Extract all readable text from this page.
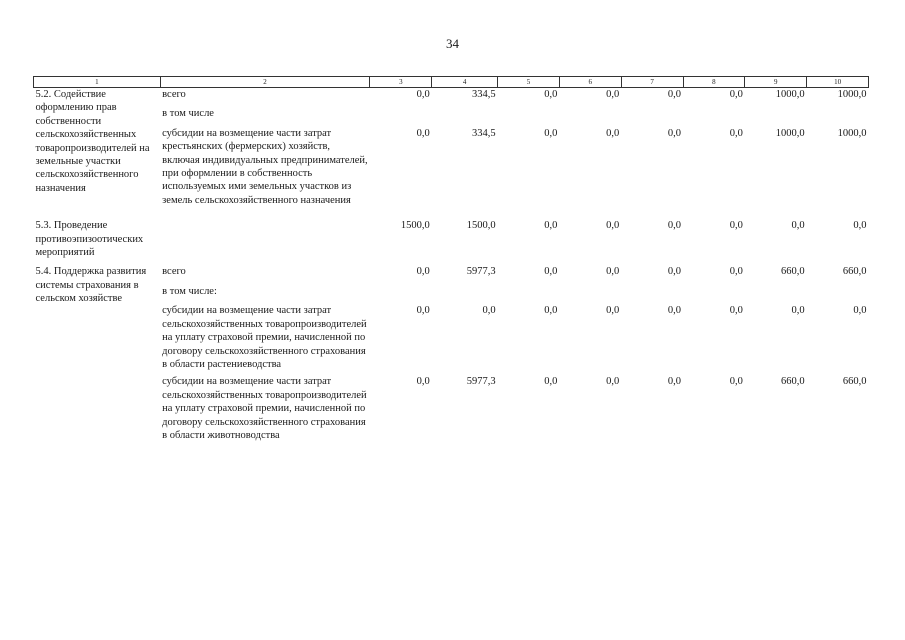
34
1	2	3	4	5	6	7	8	9	10
5.2. Содействие оформлению прав собственности сельскохозяйственных товаропроизводителей на земельные участки сельскохозяйственного назначения	всего	0,0	334,5	0,0	0,0	0,0	0,0	1000,0	1000,0
	в том числе								
	субсидии на возмещение части затрат крестьянских (фермерских) хозяйств, включая индивидуальных предпринимателей, при оформлении в собственность используемых ими земельных участков из земель сельскохозяйственного назначения	0,0	334,5	0,0	0,0	0,0	0,0	1000,0	1000,0

5.3. Проведение противоэпизоотических мероприятий		1500,0	1500,0	0,0	0,0	0,0	0,0	0,0	0,0

5.4. Поддержка развития системы страхования в сельском хозяйстве	всего	0,0	5977,3	0,0	0,0	0,0	0,0	660,0	660,0
	в том числе:								
	субсидии на возмещение части затрат сельскохозяйственных товаропроизводителей на уплату страховой премии, начисленной по договору сельскохозяйственного страхования в области растениеводства	0,0	0,0	0,0	0,0	0,0	0,0	0,0	0,0
	субсидии на возмещение части затрат сельскохозяйственных товаропроизводителей на уплату страховой премии, начисленной по договору сельскохозяйственного страхования в области животноводства	0,0	5977,3	0,0	0,0	0,0	0,0	660,0	660,0
